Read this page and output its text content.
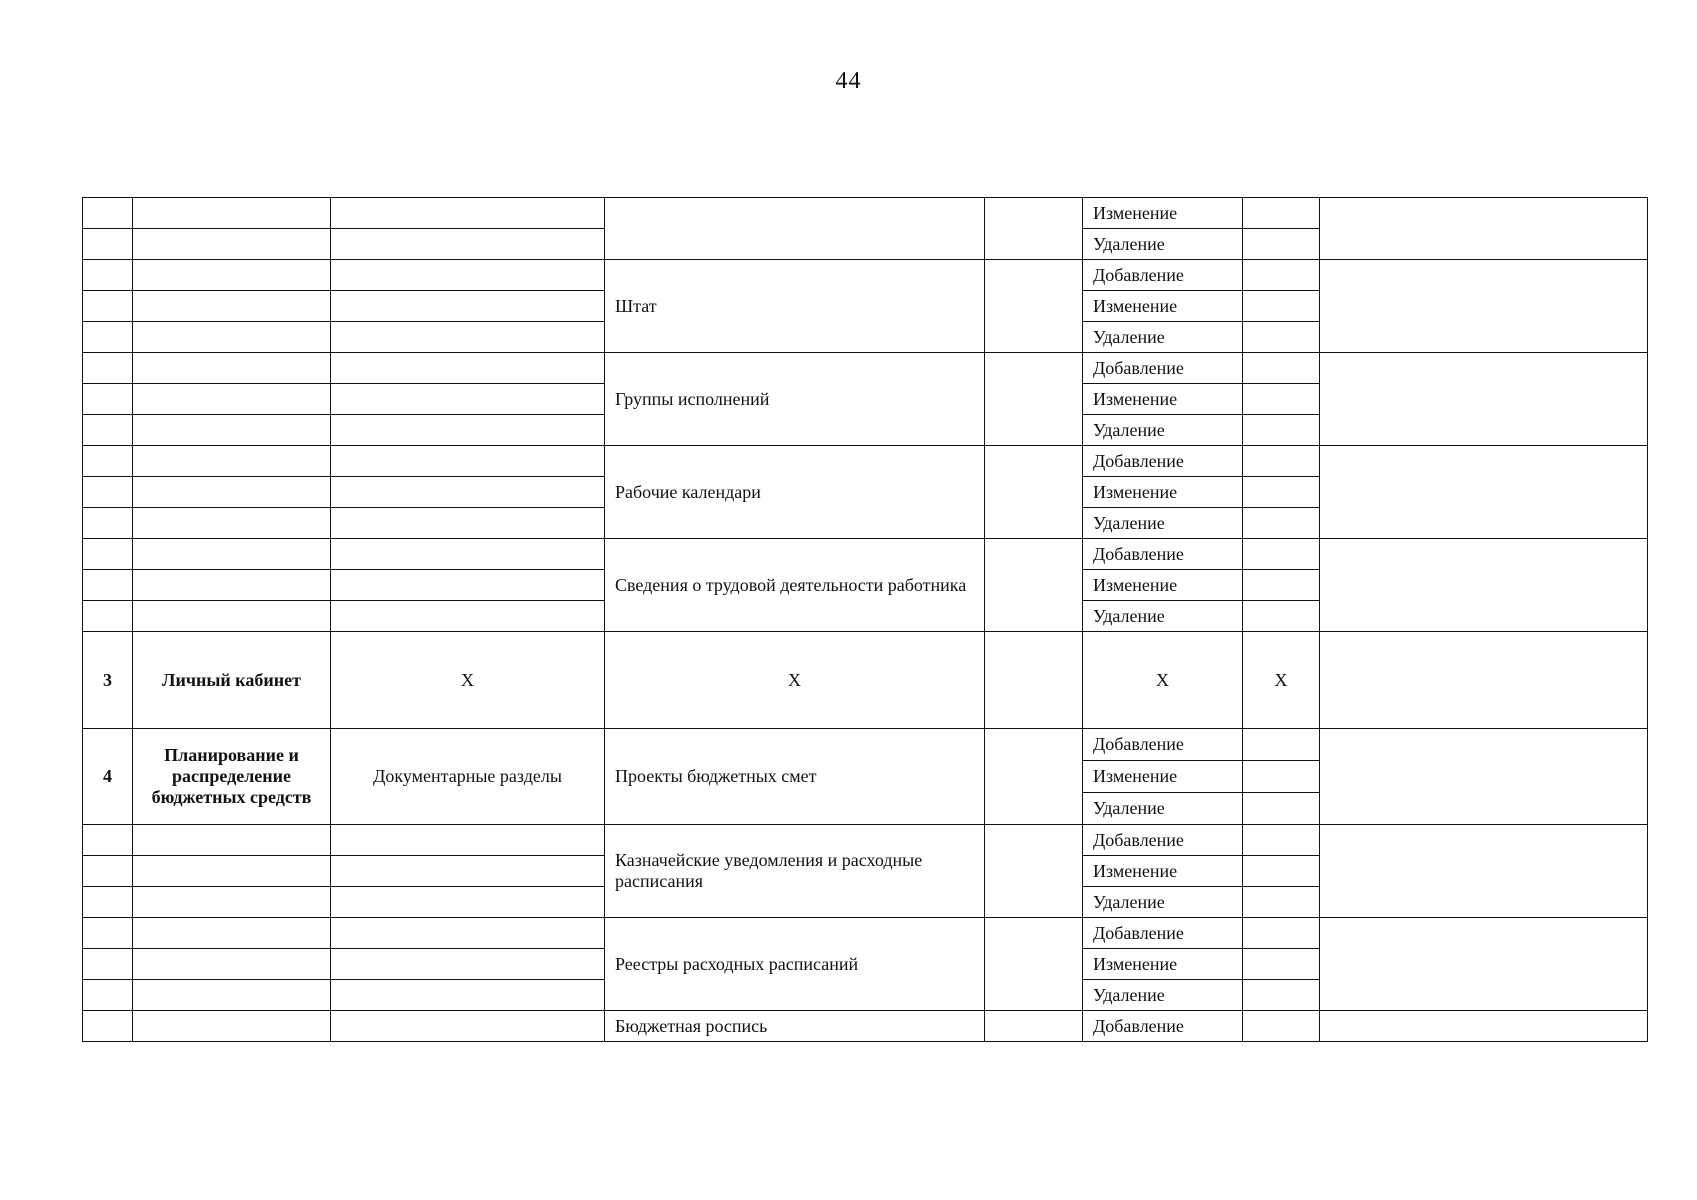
44
					Изменение		
					Удаление		
			Штат		Добавление		
					Изменение		
					Удаление		
			Группы исполнений		Добавление		
					Изменение		
					Удаление		
			Рабочие календари		Добавление		
					Изменение		
					Удаление		
			Сведения о трудовой деятельности работника		Добавление		
					Изменение		
					Удаление		
3	Личный кабинет	Х	Х		Х	Х	
4	Планирование и распределение бюджетных средств	Документарные разделы	Проекты бюджетных смет		Добавление		
					Изменение		
					Удаление		
			Казначейские уведомления и расходные расписания		Добавление		
					Изменение		
					Удаление		
			Реестры расходных расписаний		Добавление		
					Изменение		
					Удаление		
			Бюджетная роспись		Добавление		
